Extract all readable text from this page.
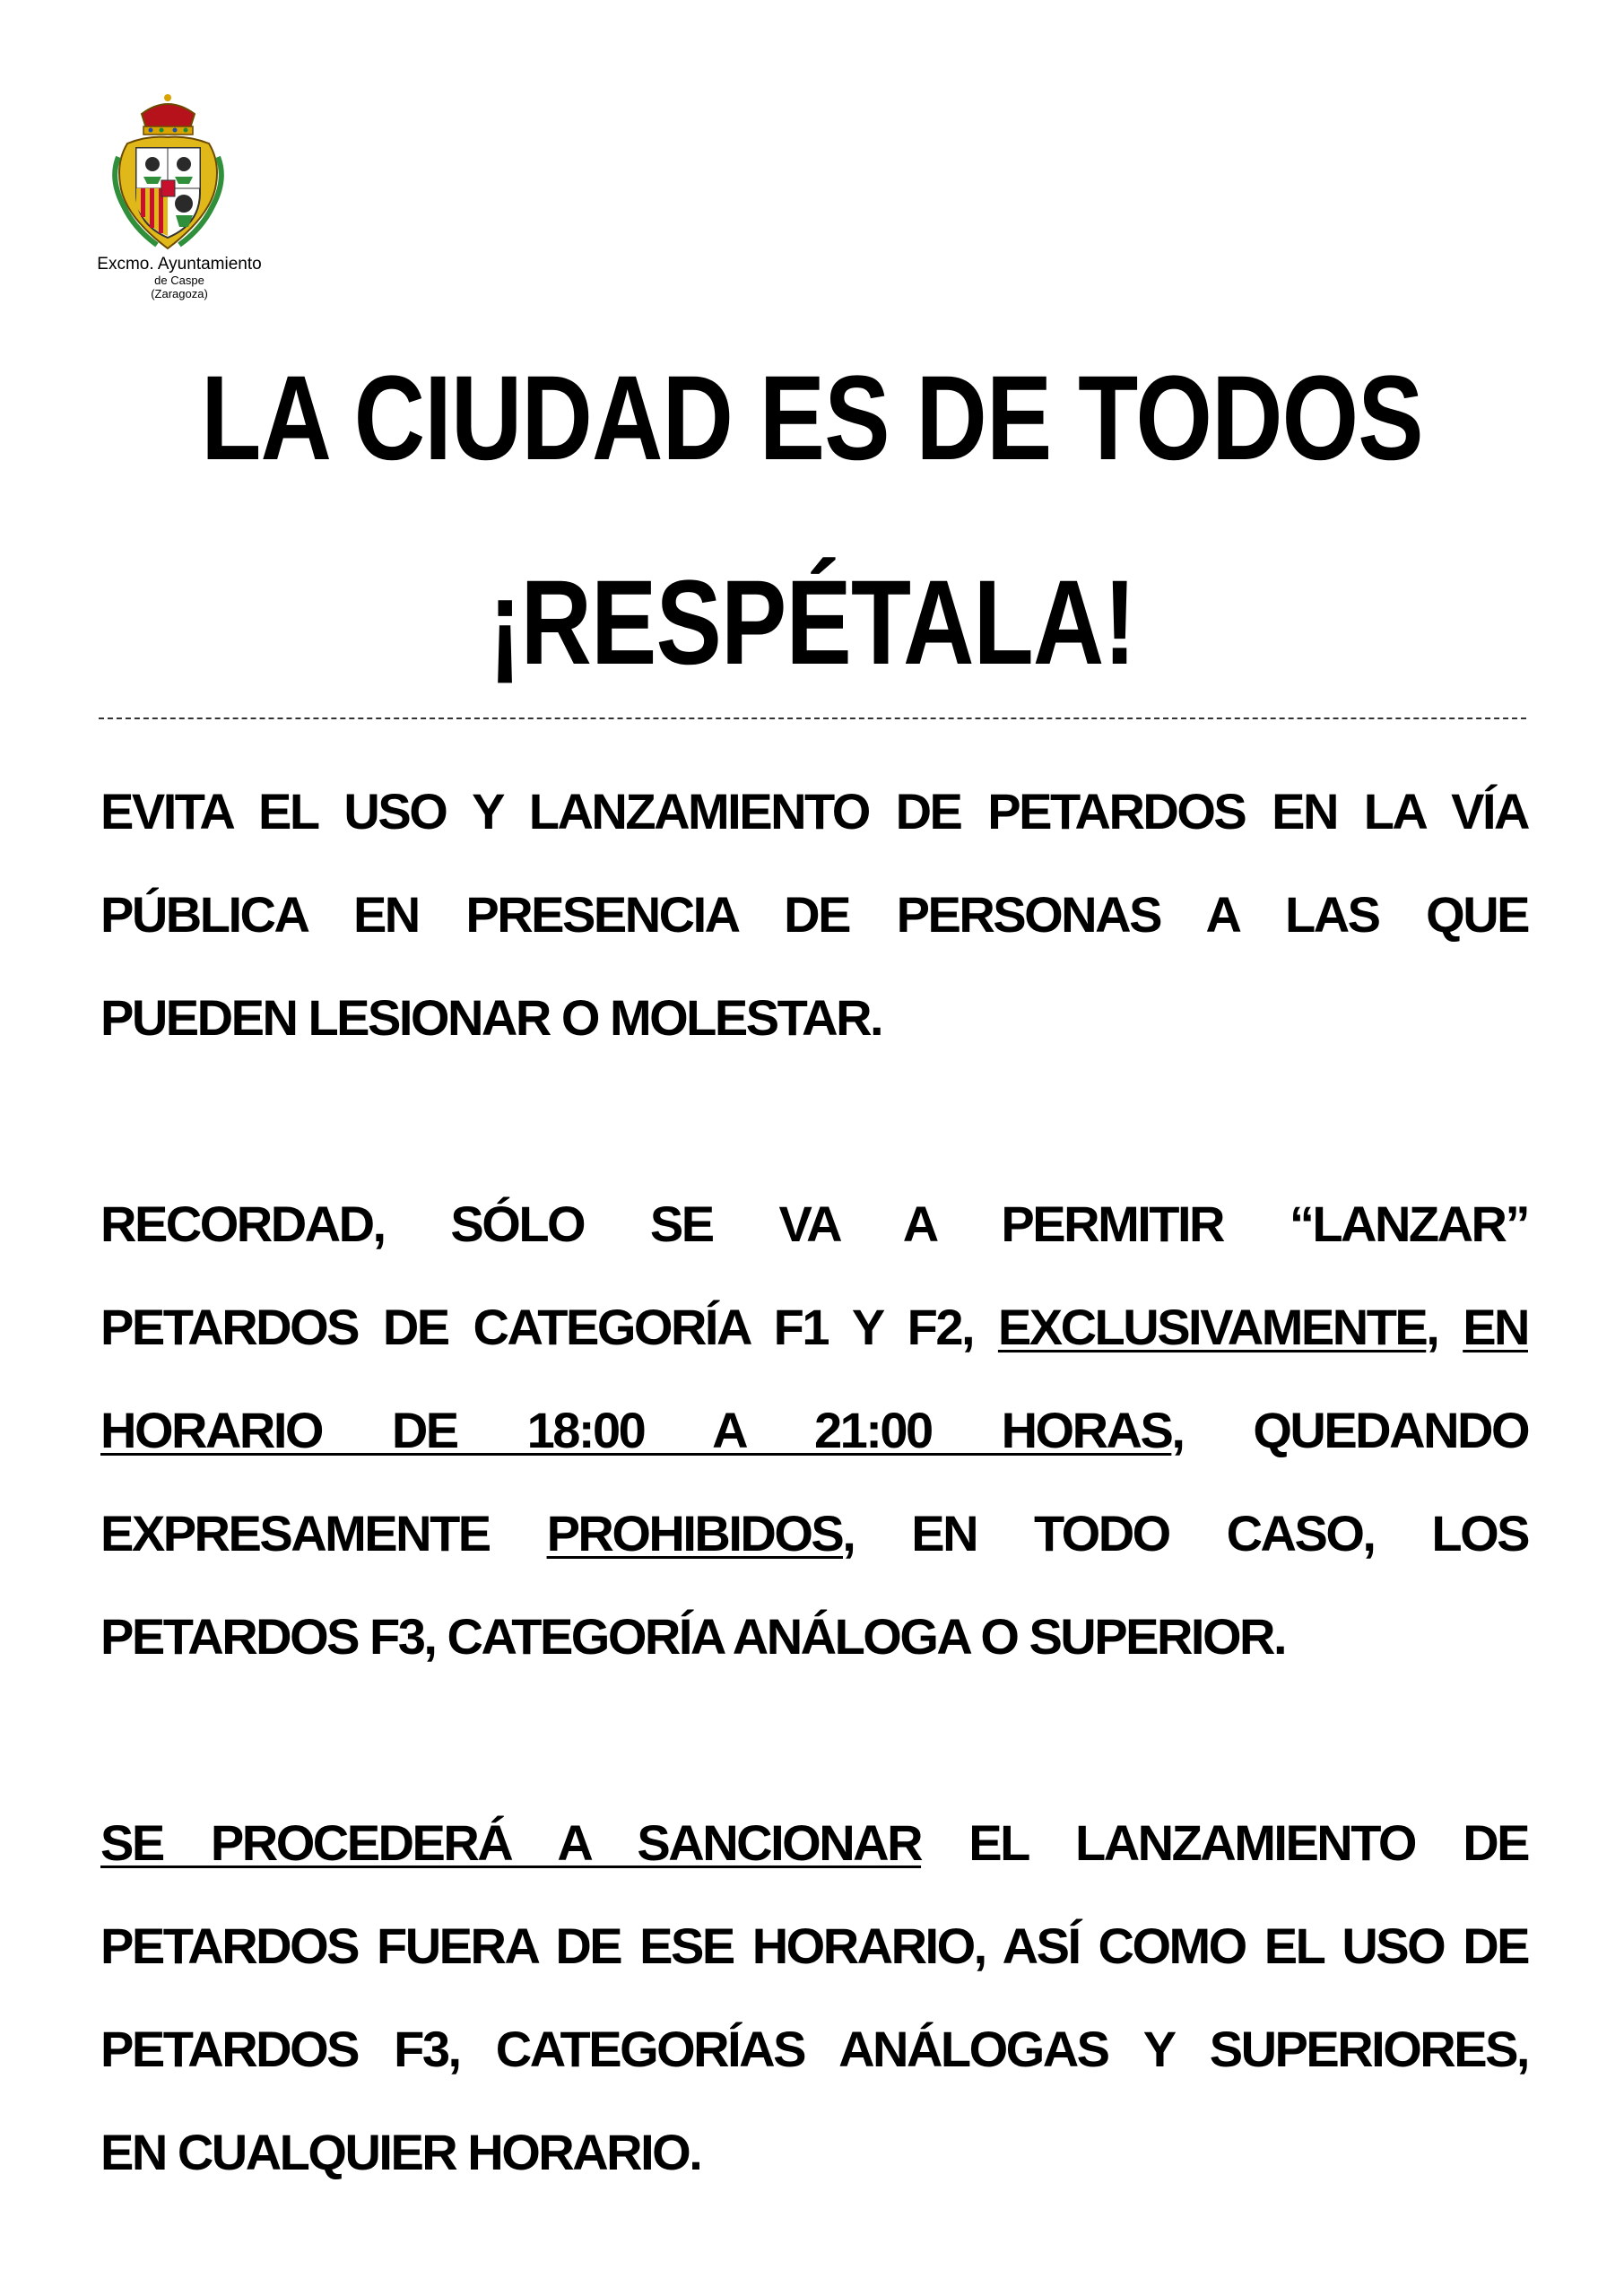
Excmo. Ayuntamiento
de Caspe
(Zaragoza)
LA CIUDAD ES DE TODOS
¡RESPÉTALA!
EVITA EL USO Y LANZAMIENTO DE PETARDOS EN LA VÍA
PÚBLICA EN PRESENCIA DE PERSONAS A LAS QUE
PUEDEN LESIONAR O MOLESTAR.
RECORDAD, SÓLO SE VA A PERMITIR “LANZAR”
PETARDOS DE CATEGORÍA F1 Y F2, EXCLUSIVAMENTE, EN
HORARIO DE 18:00 A 21:00 HORAS, QUEDANDO
EXPRESAMENTE PROHIBIDOS, EN TODO CASO, LOS
PETARDOS F3, CATEGORÍA ANÁLOGA O SUPERIOR.
SE PROCEDERÁ A SANCIONAR EL LANZAMIENTO DE
PETARDOS FUERA DE ESE HORARIO, ASÍ COMO EL USO DE
PETARDOS F3, CATEGORÍAS ANÁLOGAS Y SUPERIORES,
EN CUALQUIER HORARIO.
